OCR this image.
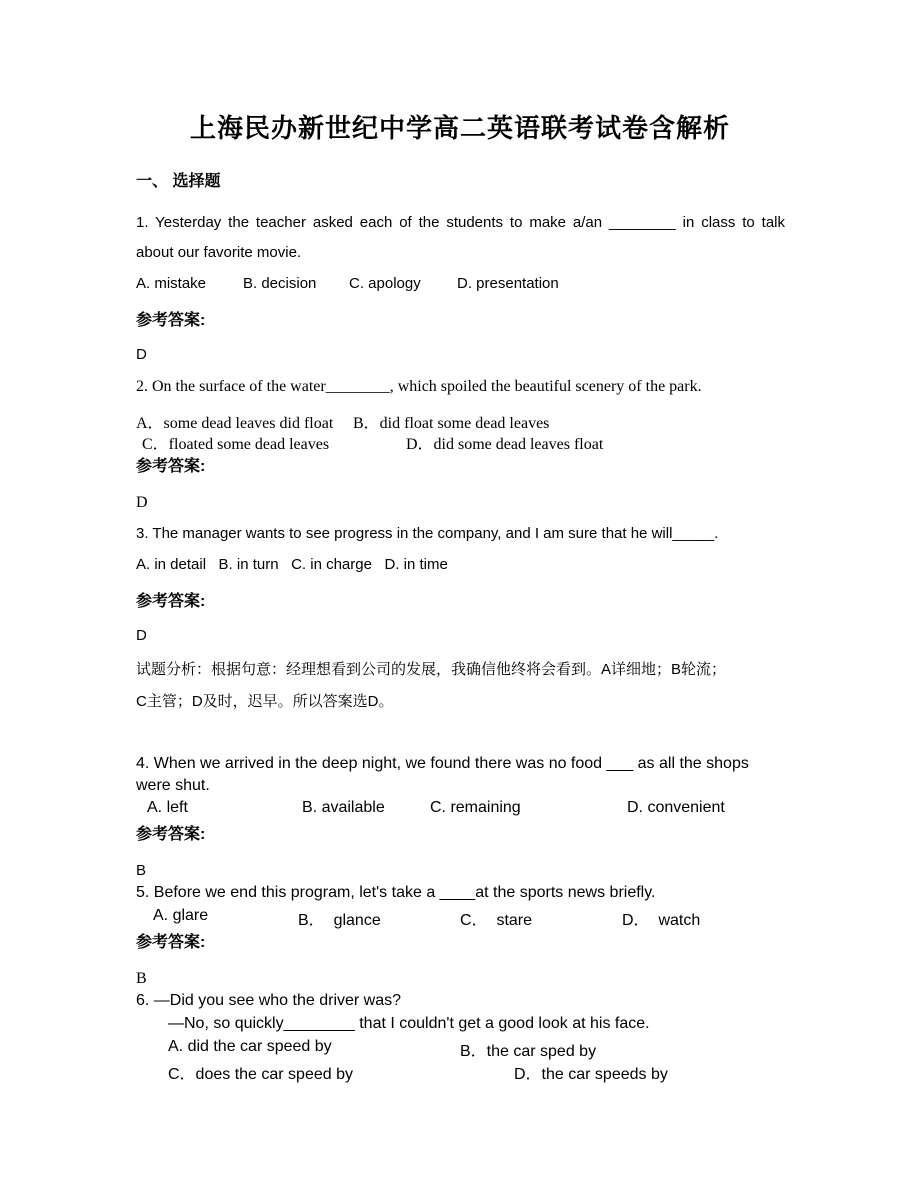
上海民办新世纪中学高二英语联考试卷含解析
一、 选择题
1. Yesterday the teacher asked each of the students to make a/an ________ in class to talk
about our favorite movie.
A. mistake B. decision C. apology D. presentation
参考答案:
D
2. On the surface of the water________, which spoiled the beautiful scenery of the park.
A．some dead leaves did float B．did float some dead leaves
C．floated some dead leaves	D．did some dead leaves float
参考答案:
D
3. The manager wants to see progress in the company, and I am sure that he will_____.
A. in detail   B. in turn   C. in charge   D. in time
参考答案:
D
试题分析：根据句意：经理想看到公司的发展，我确信他终将会看到。A详细地；B轮流；
C主管；D及时，迟早。所以答案选D。
4. When we arrived in the deep night, we found there was no food ___ as all the shops
were shut.
A. left	B. available	C. remaining	D. convenient
参考答案:
B
5. Before we end this program, let's take a ____at the sports news briefly.
A. glare	B．  glance	C．  stare	D．  watch
参考答案:
B
6. —Did you see who the driver was?
—No, so quickly________ that I couldn't get a good look at his face.
A. did the car speed by	B．the car sped by
C．does the car speed by	D．the car speeds by
